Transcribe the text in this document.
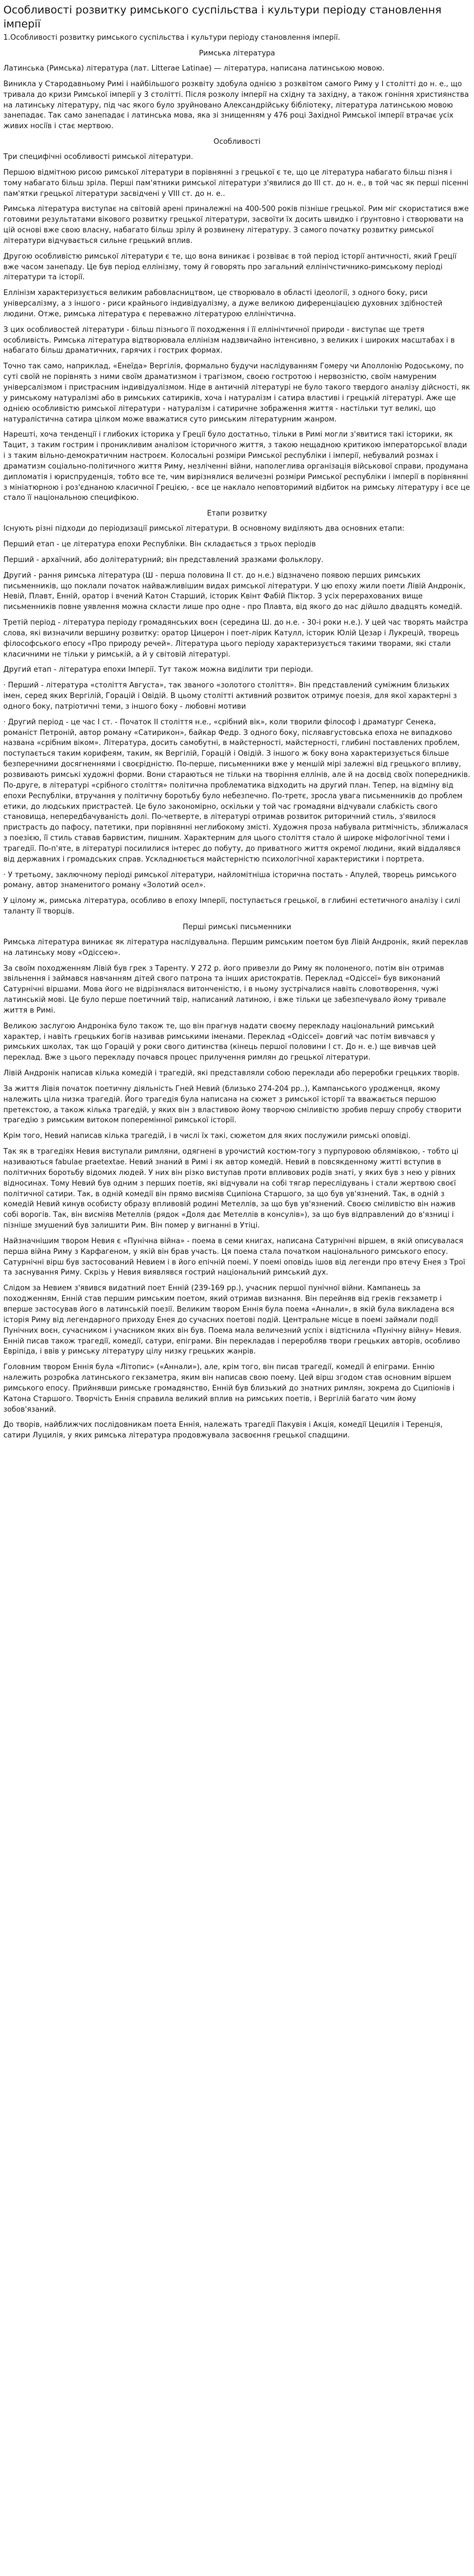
Особливості розвитку римського суспільства і культури періоду становлення імперії

1.Особливості розвитку римського суспільства і культури періоду становлення імперії.

Римська література

Латинська (Римська) література (лат. Litterae Latinae) — література, написана латинською мовою.

Виникла у Стародавньому Римі і найбільшого розквіту здобула однією з розквітом самого Риму у І столітті до н. е., що тривала до кризи Римської імперії у 3 столітті. Після розколу імперії на східну та західну, а також гоніння християнства на латинську літературу, під час якого було зруйновано Александрійську бібліотеку, література латинською мовою занепадає. Так само занепадає і латинська мова, яка зі знищенням у 476 році Західної Римської імперії втрачає усіх живих носіїв і стає мертвою.

Особливості

Три специфічні особливості римської літератури.

Першою відмітною рисою римської літератури в порівнянні з грецької є те, що це література набагато більш пізня і тому набагато більш зріла. Перші пам'ятники римської літератури з'явилися до ІІІ ст. до н. е., в той час як перші пісенні пам'ятки грецької літератури засвідчені у VIII ст. до н. е..

Римська література виступає на світовій арені приналежні на 400-500 років пізніше грецької. Рим міг скористатися вже готовими результатами вікового розвитку грецької літератури, засвоїти їх досить швидко і ґрунтовно і створювати на цій основі вже свою власну, набагато більш зрілу й розвинену літературу. З самого початку розвитку римської літератури відчувається сильне грецький вплив.

Другою особливістю римської літератури є те, що вона виникає і розвіває в той період історії античності, який Греції вже часом занепаду. Це був період еллінізму, тому й говорять про загальний еллінічстичнико-римському періоді літератури та історії.

Еллінізм характеризується великим рабовласництвом, це створювало в області ідеології, з одного боку, риси універсалізму, а з іншого - риси крайнього індивідуалізму, а дуже великою диференціацією духовних здібностей людини. Отже, римська література є переважно літературою еллінічтична.

З цих особливостей літератури - більш пізнього її походження і її еллінічтичної природи - виступає ще третя особливість. Римська література відтворювала еллінізм надзвичайно інтенсивно, з великих і широких масштабах і в набагато більш драматичних, гарячих і гострих формах.

Точно так само, наприклад, «Енеїда» Вергілія, формально будучи наслідуванням Гомеру чи Аполлонію Родоському, по суті своїй не порівнять з ними своїм драматизмом і трагізмом, своєю гостротою і нервозністю, своїм намуреним універсалізмом і пристрасним індивідуалізмом. Ніде в античній літературі не було такого твердого аналізу дійсності, як у римському натуралізмі або в римських сатириків, хоча і натуралізм і сатира властиві і грецькій літературі. Аже ще однією особливістю римської літератури - натуралізм і сатиричне зображення життя - настільки тут великі, що натуралістична сатира цілком може вважатися суто римським літературним жанром.

Нарешті, хоча тенденції і глибоких історика у Греції було достатньо, тільки в Римі могли з'явитися такі історики, як Тацит, з таким гострим і проникливим аналізом історичного життя, з такою нещадною критикою імператорської влади і з таким вільно-демократичним настроєм. Колосальні розміри Римської республіки і імперії, небувалий розмах і драматизм соціально-політичного життя Риму, незліченні війни, наполеглива організація військової справи, продумана дипломатія і юриспруденція, тобто все те, чим вирізнялися величезні розміри Римської республіки і імперії в порівнянні з мініатюрною і роз'єднаною класичної Грецією, - все це наклало неповторимий відбиток на римську літературу і все це стало її національною специфікою.

Етапи розвитку

Існують різні підходи до періодизації римської літератури. В основному виділяють два основних етапи:

Перший етап - це література епохи Республіки. Він складається з трьох періодів

Перший - архаїчний, або долітературний; він представлений зразками фольклору.

Другий - рання римська література (Ш - перша половина ІІ ст. до н.е.) відзначено появою перших римських письменників, що поклали початок найважливішим видах римської літератури. У цю епоху жили поети Лівій Андронік, Невій, Плавт, Енній, оратор і вчений Катон Старший, історик Квінт Фабій Піктор. З усіх перерахованих вище письменників повне уявлення можна скласти лише про одне - про Плавта, від якого до нас дійшло двадцять комедій.

Третій період - література періоду громадянських воєн (середина Ш. до н.е. - 30-і роки н.е.). У цей час творять майстра слова, які визначили вершину розвитку: оратор Цицерон і поет-лірик Катулл, історик Юлій Цезар і Лукрецій, творець філософського епосу «Про природу речей». Література цього періоду характеризується такими творами, які стали класичними не тільки у римській, а й у світовій літературі.

Другий етап - література епохи Імперії. Тут також можна виділити три періоди.

· Перший - література «століття Августа», так званого «золотого століття». Він представлений суміжним близьких імен, серед яких Вергілій, Горацій і Овідій. В цьому столітті активний розвиток отримує поезія, для якої характерні з одного боку, патріотичні теми, з іншого боку - любовні мотиви

· Другий період - це час І ст. - Початок ІІ століття н.е., «срібний вік», коли творили філософ і драматург Сенека, романіст Петроній, автор роману «Сатирикон», байкар Федр. З одного боку, післяавгустовська епоха не випадково названа «срібним віком». Література, досить самобутні, в майстерності, майстерності, глибині поставлених проблем, поступається таким корифеям, таким, як Вергілій, Горацій і Овідій. З іншого ж боку вона характеризується більше безперечними досягненнями і своєрідністю. По-перше, письменники вже у меншій мірі залежні від грецького впливу, розвивають римські художні форми. Вони стараються не тільки на творіння еллінів, але й на досвід своїх попередників. По-друге, в літературі «срібного століття» політична проблематика відходить на другий план. Тепер, на відміну від епохи Республіки, втручання у політичну боротьбу було небезпечно. По-третє, зросла увага письменників до проблем етики, до людських пристрастей. Це було закономірно, оскільки у той час громадяни відчували слабкість свого становища, непередбачуваність долі. По-четверте, в літературі отримав розвиток риторичний стиль, з'явилося пристрасть до пафосу, патетики, при порівнянні неглибокому змісті. Художня проза набувала ритмічність, зближалася з поезією, її стиль ставав барвистим, пишним. Характерним для цього століття стало й широке міфологічної теми і трагедії. По-п'яте, в літературі посилилися інтерес до побуту, до приватного життя окремої людини, який віддалявся від державних і громадських справ. Ускладнюється майстерністю психологічної характеристики і портрета.

· У третьому, заключному періоді римської літератури, найломітніша історична постать - Апулей, творець римського роману, автор знаменитого роману «Золотий осел».

У цілому ж, римська література, особливо в епоху Імперії, поступається грецької, в глибині естетичного аналізу і силі таланту її творців.

Перші римські письменники

Римська література виникає як література наслідувальна. Першим римським поетом був Лівій Андронік, який переклав на латинську мову «Одіссею».

За своїм походженням Лівій був грек з Таренту. У 272 р. його привезли до Риму як полоненого, потім він отримав звільнення і займався навчанням дітей свого патрона та інших аристократів. Переклад «Одіссеї» був виконаний Сатурнічні віршами. Мова його не відрізнялася витонченістю, і в ньому зустрічалися навіть словотворення, чужі латинській мові. Це було перше поетичний твір, написаний латиною, і вже тільки це забезпечувало йому тривале життя в Римі.

Великою заслугою Андроніка було також те, що він прагнув надати своєму перекладу національний римський характер, і навіть грецьких богів називав римськими іменами. Переклад «Одіссеї» довгий час потім вивчався у римських школах, так що Горацій у роки свого дитинства (кінець першої половини І ст. До н. е.) ще вивчав цей переклад. Вже з цього перекладу почався процес прилучення римлян до грецької літератури.

Лівій Андронік написав кілька комедій і трагедій, які представляли собою переклади або переробки грецьких творів.

За життя Лівія початок поетичну діяльність Гней Невий (близько 274-204 рр..), Кампанського уродженця, якому належить ціла низка трагедій. Його трагедія була написана на сюжет з римської історії та вважається першою претекстою, а також кілька трагедій, у яких він з властивою йому творчою сміливістю зробив першу спробу створити трагедію з римським витоком поперемінної римської історії.

Крім того, Невий написав кілька трагедій, і в числі їх такі, сюжетом для яких послужили римські оповіді.

Так як в трагедіях Невия виступали римляни, одягнені в урочистий костюм-тогу з пурпуровою облямівкою, - тобто ці називаються fabulae praetextae. Невий знаний в Римі і як автор комедій. Невий в повсякденному житті вступив в політичних боротьбу відомих людей. У них він різко виступав проти впливових родів знаті, у яких був з нею у рівних відносинах. Тому Невий був одним з перших поетів, які відчували на собі тягар переслідувань і стали жертвою своєї політичної сатири. Так, в одній комедії він прямо висміяв Сципіона Старшого, за що був ув'язнений. Так, в одній з комедій Невий кинув особисту образу впливовій родині Метеллів, за що був ув'язнений. Своєю сміливістю він нажив собі ворогів. Так, він висміяв Метеллів (рядок «Доля дає Метеллів в консулів»), за що був відправлений до в'язниці і пізніше змушений був залишити Рим. Він помер у вигнанні в Утіці.

Найзначнішим твором Невия є «Пунічна війна» - поема в семи книгах, написана Сатурнічні віршем, в якій описувалася перша війна Риму з Карфагеном, у якій він брав участь. Ця поема стала початком національного римського епосу. Сатурнічні вірш був застосований Невием і в його епічній поемі. У поемі оповідь ішов від легенди про втечу Енея з Трої та заснування Риму. Скрізь у Невия виявлявся гострий національний римський дух.

Слідом за Невием з'явився видатний поет Енній (239-169 рр.), учасник першої пунічної війни. Кампанець за походженням, Енній став першим римським поетом, який отримав визнання. Він перейняв від греків гекзаметр і вперше застосував його в латинській поезії. Великим твором Еннія була поема «Аннали», в якій була викладена вся історія Риму від легендарного приходу Енея до сучасних поетові подій. Центральне місце в поемі займали події Пунічних воєн, сучасником і учасником яких він був. Поема мала величезний успіх і відтіснила «Пунічну війну» Невия. Енній писав також трагедії, комедії, сатури, епіграми. Він перекладав і переробляв твори грецьких авторів, особливо Евріпіда, і ввів у римську літературу цілу низку грецьких жанрів.

Головним твором Еннія була «Літопис» («Аннали»), але, крім того, він писав трагедії, комедії й епіграми. Еннію належить розробка латинського гекзаметра, яким він написав свою поему. Цей вірш згодом став основним віршем римського епосу. Прийнявши римське громадянство, Енній був близький до знатних римлян, зокрема до Сципіонів і Катона Старшого. Творчість Еннія справила великий вплив на римських поетів, і Вергілій багато чим йому зобов'язаний.

До творів, найближчих послідовникам поета Еннія, належать трагедії Пакувія і Акція, комедії Цецилія і Теренція, сатири Луцилія, у яких римська література продовжувала засвоєння грецької спадщини.
